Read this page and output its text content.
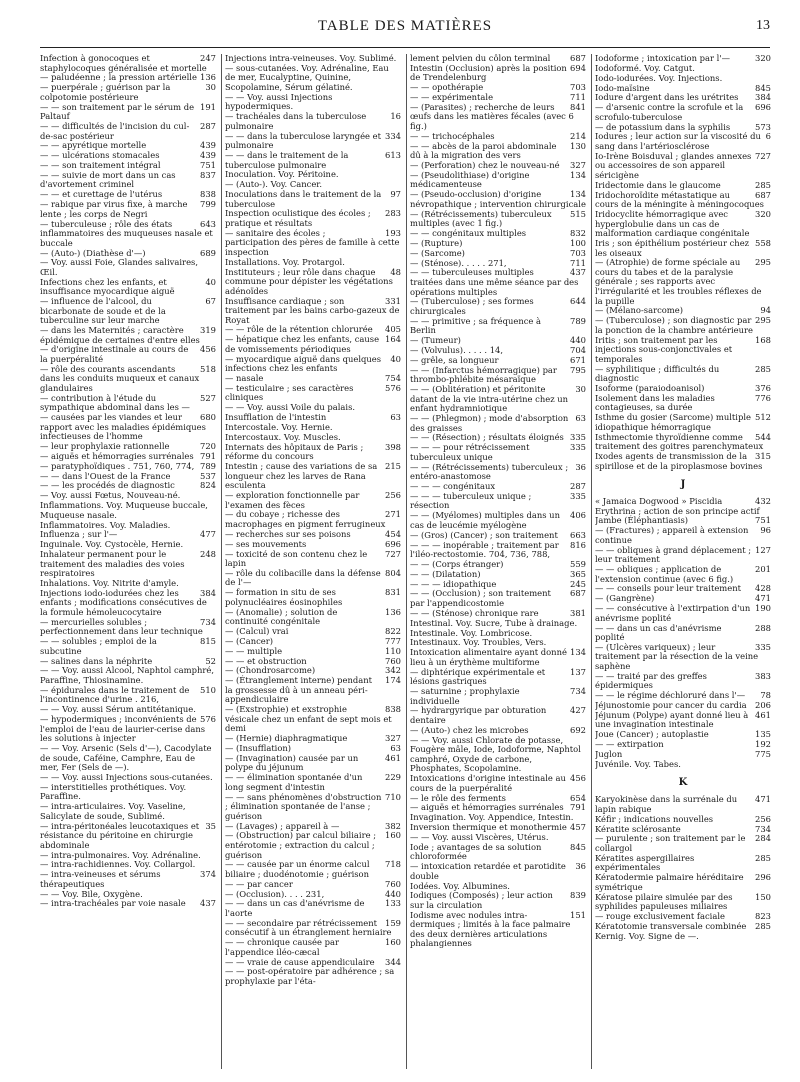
TABLE DES MATIÈRES	13
247
Infection à gonocoques et staphylocoques généralisée et mortelle
136
— paludéenne ; la pression artérielle
30
— puerpérale ; guérison par la colpotomie postérieure
191
— — son traitement par le sérum de Paltauf
287
— — difficultés de l'incision du cul-de-sac postérieur
439
— — apyrétique mortelle
439
— — ulcérations stomacales
751
— — son traitement intégral
837
— — suivie de mort dans un cas d'avortement criminel
838
— — et curettage de l'utérus
799
— rabique par virus fixe, à marche lente ; les corps de Negri
643
— tuberculeuse ; rôle des états inflammatoires des muqueuses nasale et buccale
689
— (Auto-) (Diathèse d'—)
— Voy. aussi Foie, Glandes salivaires, Œil.
40
Infections chez les enfants, et insuffisance myocardique aiguë
67
— influence de l'alcool, du bicarbonate de soude et de la tuberculine sur leur marche
319
— dans les Maternités ; caractère épidémique de certaines d'entre elles
456
— d'origine intestinale au cours de la puerpéralité
518
— rôle des courants ascendants dans les conduits muqueux et canaux glandulaires
527
— contribution à l'étude du sympathique abdominal dans les —
680
— causées par les viandes et leur rapport avec les maladies épidémiques infectieuses de l'homme
720
— leur prophylaxie rationnelle
791
— aiguës et hémorragies surrénales
789
— paratyphoïdiques . 751, 760, 774,
537
— — dans l'Ouest de la France
824
— — les procédés de diagnostic
— Voy. aussi Fœtus, Nouveau-né.
Inflammations. Voy. Muqueuse buccale, Muqueuse nasale.
Inflammatoires. Voy. Maladies.
477
Influenza ; sur l'—
Inguinale. Voy. Cystocèle, Hernie.
248
Inhalateur permanent pour le traitement des maladies des voies respiratoires
Inhalations. Voy. Nitrite d'amyle.
384
Injections iodo-iodurées chez les enfants ; modifications consécutives de la formule hémoleucocytaire
734
— mercurielles solubles ; perfectionnement dans leur technique
815
— — solubles ; emploi de la subcutine
52
— salines dans la néphrite
— — Voy. aussi Alcool, Naphtol camphré, Paraffine, Thiosinamine.
510
— épidurales dans le traitement de l'incontinence d'urine . 216,
— — Voy. aussi Sérum antitétanique.
576
— hypodermiques ; inconvénients de l'emploi de l'eau de laurier-cerise dans les solutions à injecter
— — Voy. Arsenic (Sels d'—), Cacodylate de soude, Caféine, Camphre, Eau de mer, Fer (Sels de —).
— — Voy. aussi Injections sous-cutanées.
— interstitielles prothétiques. Voy. Paraffine.
— intra-articulaires. Voy. Vaseline, Salicylate de soude, Sublimé.
35
— intra-péritonéales leucotaxiques et résistance du péritoine en chirurgie abdominale
— intra-pulmonaires. Voy. Adrénaline.
— intra-rachidiennes. Voy. Collargol.
374
— intra-veineuses et sérums thérapeutiques
— — Voy. Bile, Oxygène.
437
— intra-trachéales par voie nasale
Injections intra-veineuses. Voy. Sublimé.
— sous-cutanées. Voy. Adrénaline, Eau de mer, Eucalyptine, Quinine, Scopolamine, Sérum gélatiné.
— — Voy. aussi Injections hypodermiques.
16
— trachéales dans la tuberculose pulmonaire
334
— — dans la tuberculose laryngée et pulmonaire
613
— — dans le traitement de la tuberculose pulmonaire
Inoculation. Voy. Péritoine.
— (Auto-). Voy. Cancer.
97
Inoculations dans le traitement de la tuberculose
283
Inspection oculistique des écoles ; pratique et résultats
193
— sanitaire des écoles ; participation des pères de famille à cette inspection
Installations. Voy. Protargol.
48
Instituteurs ; leur rôle dans chaque commune pour dépister les végétations adénoïdes
331
Insuffisance cardiaque ; son traitement par les bains carbo-gazeux de Royat
405
— — rôle de la rétention chlorurée
164
— hépatique chez les enfants, cause de vomissements périodiques
40
— myocardique aiguë dans quelques infections chez les enfants
754
— nasale
576
— testiculaire ; ses caractères cliniques
— — Voy. aussi Voile du palais.
63
Insufflation de l'intestin
Intercostale. Voy. Hernie.
Intercostaux. Voy. Muscles.
398
Internats des hôpitaux de Paris ; réforme du concours
215
Intestin ; cause des variations de sa longueur chez les larves de Rana esculenta
256
— exploration fonctionnelle par l'examen des fèces
271
— du cobaye ; richesse des macrophages en pigment ferrugineux
454
— recherches sur ses poisons
696
— ses mouvements
727
— toxicité de son contenu chez le lapin
804
— rôle du colibacille dans la défense de l'—
831
— formation in situ de ses polynucléaires éosinophiles
136
— (Anomalie) ; solution de continuité congénitale
822
— (Calcul) vrai
777
— (Cancer)
110
— — multiple
760
— — et obstruction
342
— (Chondrosarcome)
174
— (Étranglement interne) pendant la grossesse dû à un anneau péri-appendiculaire
838
— (Exstrophie) et exstrophie vésicale chez un enfant de sept mois et demi
327
— (Hernie) diaphragmatique
63
— (Insufflation)
461
— (Invagination) causée par un polype du jéjunum
229
— — élimination spontanée d'un long segment d'intestin
710
— — sans phénomènes d'obstruction ; élimination spontanée de l'anse ; guérison
382
— (Lavages) ; appareil à —
160
— (Obstruction) par calcul biliaire ; entérotomie ; extraction du calcul ; guérison
718
— — causée par un énorme calcul biliaire ; duodénotomie ; guérison
760
— — par cancer
440
— (Occlusion). . . . 231,
133
— — dans un cas d'anévrisme de l'aorte
159
— — secondaire par rétrécissement consécutif à un étranglement herniaire
160
— — chronique causée par l'appendice iléo-cæcal
344
— — vraie de cause appendiculaire
— — post-opératoire par adhérence ; sa prophylaxie par l'éta-
687
lement pelvien du côlon terminal
694
Intestin (Occlusion) après la position de Trendelenburg
703
— — opothérapie
711
— — expérimentale
841
— (Parasites) ; recherche de leurs œufs dans les matières fécales (avec 6 fig.)
214
— — trichocéphales
130
— — abcès de la paroi abdominale dû à la migration des vers
327
— (Perforation) chez le nouveau-né
134
— (Pseudolithiase) d'origine médicamenteuse
134
— (Pseudo-occlusion) d'origine névropathique ; intervention chirurgicale
515
— (Rétrécissements) tuberculeux multiples (avec 1 fig.)
832
— — congénitaux multiples
100
— (Rupture)
703
— (Sarcome)
711
— (Sténose). . . . . 271,
437
— — tuberculeuses multiples traitées dans une même séance par des opérations multiples
644
— (Tuberculose) ; ses formes chirurgicales
789
— — primitive ; sa fréquence à Berlin
440
— (Tumeur)
704
— (Volvulus). . . . . 14,
671
— grêle, sa longueur
795
— — (Infarctus hémorragique) par thrombo-phlébite mésaraïque
30
— — (Oblitération) et péritonite datant de la vie intra-utérine chez un enfant hydramniotique
63
— — (Phlegmon) ; mode d'absorption des graisses
335
— — (Résection) ; résultats éloignés
335
— — — pour rétrécissement tuberculeux unique
36
— — (Rétrécissements) tuberculeux ; entéro-anastomose
287
— — — congénitaux
335
— — — tuberculeux unique ; résection
406
— — (Myélomes) multiples dans un cas de leucémie myélogène
663
— (Gros) (Cancer) ; son traitement
816
— — — inopérable ; traitement par l'iléo-rectostomie. 704, 736, 788,
559
— — (Corps étranger)
365
— — (Dilatation)
245
— — — idiopathique
687
— — (Occlusion) ; son traitement par l'appendicostomie
381
— — (Sténose) chronique rare
Intestinal. Voy. Sucre, Tube à drainage.
Intestinale. Voy. Lombricose.
Intestinaux. Voy. Troubles, Vers.
134
Intoxication alimentaire ayant donné lieu à un érythème multiforme
137
— diphtérique expérimentale et lésions gastriques
734
— saturnine ; prophylaxie individuelle
427
— hydrargyrique par obturation dentaire
692
— (Auto-) chez les microbes
— — Voy. aussi Chlorate de potasse, Fougère mâle, Iode, Iodoforme, Naphtol camphré, Oxyde de carbone, Phosphates, Scopolamine.
456
Intoxications d'origine intestinale au cours de la puerpéralité
654
— le rôle des ferments
791
— aiguës et hémorragies surrénales
Invagination. Voy. Appendice, Intestin.
457
Inversion thermique et monothermie
— — Voy. aussi Viscères, Utérus.
845
Iode ; avantages de sa solution chloroformée
36
— intoxication retardée et parotidite double
Iodées. Voy. Albumines.
839
Iodiques (Composés) ; leur action sur la circulation
151
Iodisme avec nodules intra-dermiques ; limités à la face palmaire des deux dernières articulations phalangiennes
320
Iodoforme ; intoxication par l'—
Iodoformé. Voy. Catgut.
Iodo-iodurées. Voy. Injections.
845
Iodo-maïsine
384
Iodure d'argent dans les urétrites
696
— d'arsenic contre la scrofule et la scrofulo-tuberculose
573
— de potassium dans la syphilis
6
Iodures ; leur action sur la viscosité du sang dans l'artériosclérose
727
Io-Irène Boisduval ; glandes annexes ou accessoires de son appareil séricigène
285
Iridectomie dans le glaucome
687
Iridochoroïdite métastatique au cours de la méningite à méningocoques
320
Iridocyclite hémorragique avec hyperglobulie dans un cas de malformation cardiaque congénitale
558
Iris ; son épithélium postérieur chez les oiseaux
295
— (Atrophie) de forme spéciale au cours du tabes et de la paralysie générale ; ses rapports avec l'irrégularité et les troubles réflexes de la pupille
94
— (Mélano-sarcome)
295
— (Tuberculose) ; son diagnostic par la ponction de la chambre antérieure
168
Iritis ; son traitement par les injections sous-conjonctivales et temporales
285
— syphilitique ; difficultés du diagnostic
376
Isoforme (paraiodoanisol)
776
Isolement dans les maladies contagieuses, sa durée
512
Isthme du gosier (Sarcome) multiple idiopathique hémorragique
544
Isthmectomie thyroïdienne comme traitement des goitres parenchymateux
315
Ixodes agents de transmission de la spirillose et de la piroplasmose bovines
J
432
« Jamaica Dogwood » Piscidia Erythrina ; action de son principe actif
751
Jambe (Éléphantiasis)
96
— (Fractures) ; appareil à extension continue
127
— — obliques à grand déplacement ; leur traitement
201
— — obliques ; application de l'extension continue (avec 6 fig.)
428
— — conseils pour leur traitement
471
— (Gangrène)
190
— — consécutive à l'extirpation d'un anévrisme poplité
288
— — dans un cas d'anévrisme poplité
335
— (Ulcères variqueux) ; leur traitement par la résection de la veine saphène
383
— — traité par des greffes épidermiques
78
— — le régime déchloruré dans l'—
206
Jéjunostomie pour cancer du cardia
461
Jéjunum (Polype) ayant donné lieu à une invagination intestinale
135
Joue (Cancer) ; autoplastie
192
— — extirpation
775
Juglon
Juvénile. Voy. Tabes.
K
471
Karyokinèse dans la surrénale du lapin rabique
256
Kéfir ; indications nouvelles
734
Kératite sclérosante
284
— purulente ; son traitement par le collargol
285
Kératites aspergillaires expérimentales
296
Kératodermie palmaire héréditaire symétrique
150
Kératose pilaire simulée par des syphilides papuleuses miliaires
823
— rouge exclusivement faciale
285
Kératotomie transversale combinée
Kernig. Voy. Signe de —.
